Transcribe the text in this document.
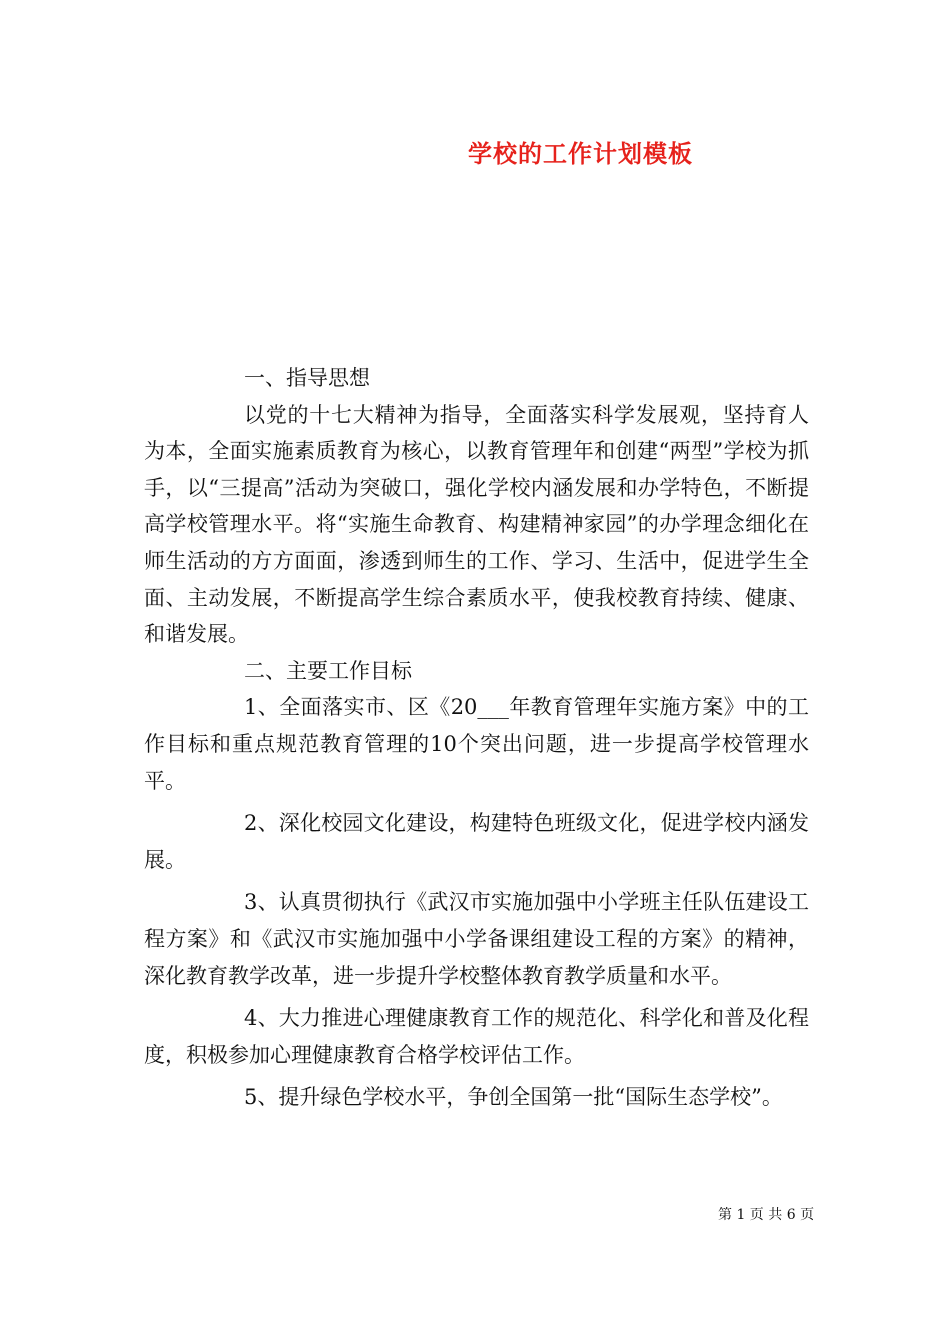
学校的工作计划模板

一、指导思想

以党的十七大精神为指导，全面落实科学发展观，坚持育人为本，全面实施素质教育为核心，以教育管理年和创建“两型”学校为抓手，以“三提高”活动为突破口，强化学校内涵发展和办学特色，不断提高学校管理水平。将“实施生命教育、构建精神家园”的办学理念细化在师生活动的方方面面，渗透到师生的工作、学习、生活中，促进学生全面、主动发展，不断提高学生综合素质水平，使我校教育持续、健康、和谐发展。

二、主要工作目标

1、全面落实市、区《20___年教育管理年实施方案》中的工作目标和重点规范教育管理的10个突出问题，进一步提高学校管理水平。

2、深化校园文化建设，构建特色班级文化，促进学校内涵发展。

3、认真贯彻执行《武汉市实施加强中小学班主任队伍建设工程方案》和《武汉市实施加强中小学备课组建设工程的方案》的精神，深化教育教学改革，进一步提升学校整体教育教学质量和水平。

4、大力推进心理健康教育工作的规范化、科学化和普及化程度，积极参加心理健康教育合格学校评估工作。

5、提升绿色学校水平，争创全国第一批“国际生态学校”。

第 1 页 共 6 页
